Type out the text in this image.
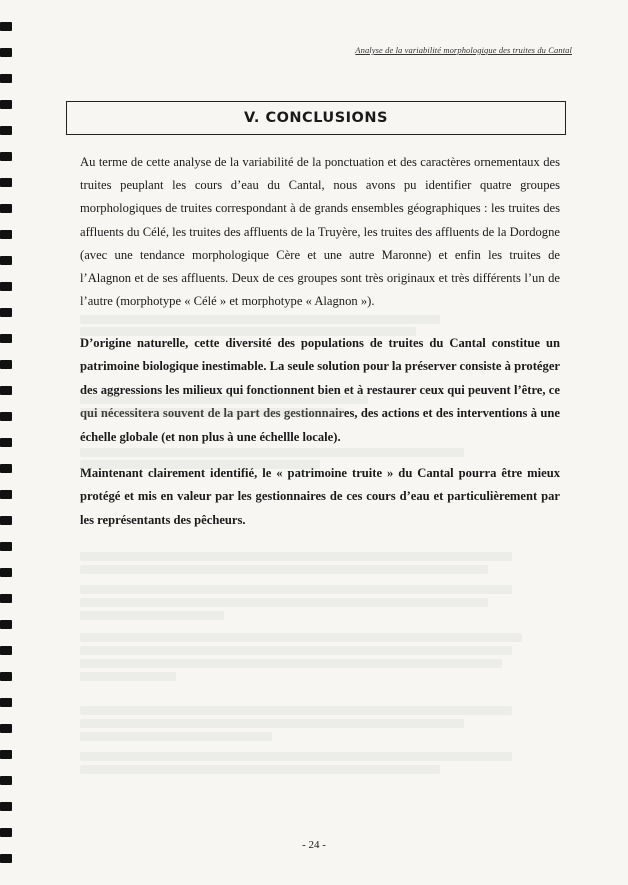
Analyse de la variabilité morphologique des truites du Cantal
V. CONCLUSIONS

Au terme de cette analyse de la variabilité de la ponctuation et des caractères ornementaux des truites peuplant les cours d’eau du Cantal, nous avons pu identifier quatre groupes morphologiques de truites correspondant à de grands ensembles géographiques : les truites des affluents du Célé, les truites des affluents de la Truyère, les truites des affluents de la Dordogne (avec une tendance morphologique Cère et une autre Maronne) et enfin les truites de l’Alagnon et de ses affluents. Deux de ces groupes sont très originaux et très différents l’un de l’autre (morphotype « Célé » et morphotype « Alagnon »).

D’origine naturelle, cette diversité des populations de truites du Cantal constitue un patrimoine biologique inestimable. La seule solution pour la préserver consiste à protéger des aggressions les milieux qui fonctionnent bien et à restaurer ceux qui peuvent l’être, ce qui nécessitera souvent de la part des gestionnaires, des actions et des interventions à une échelle globale (et non plus à une échellle locale).

Maintenant clairement identifié, le « patrimoine truite » du Cantal pourra être mieux protégé et mis en valeur par les gestionnaires de ces cours d’eau et particulièrement par les représentants des pêcheurs.

- 24 -
